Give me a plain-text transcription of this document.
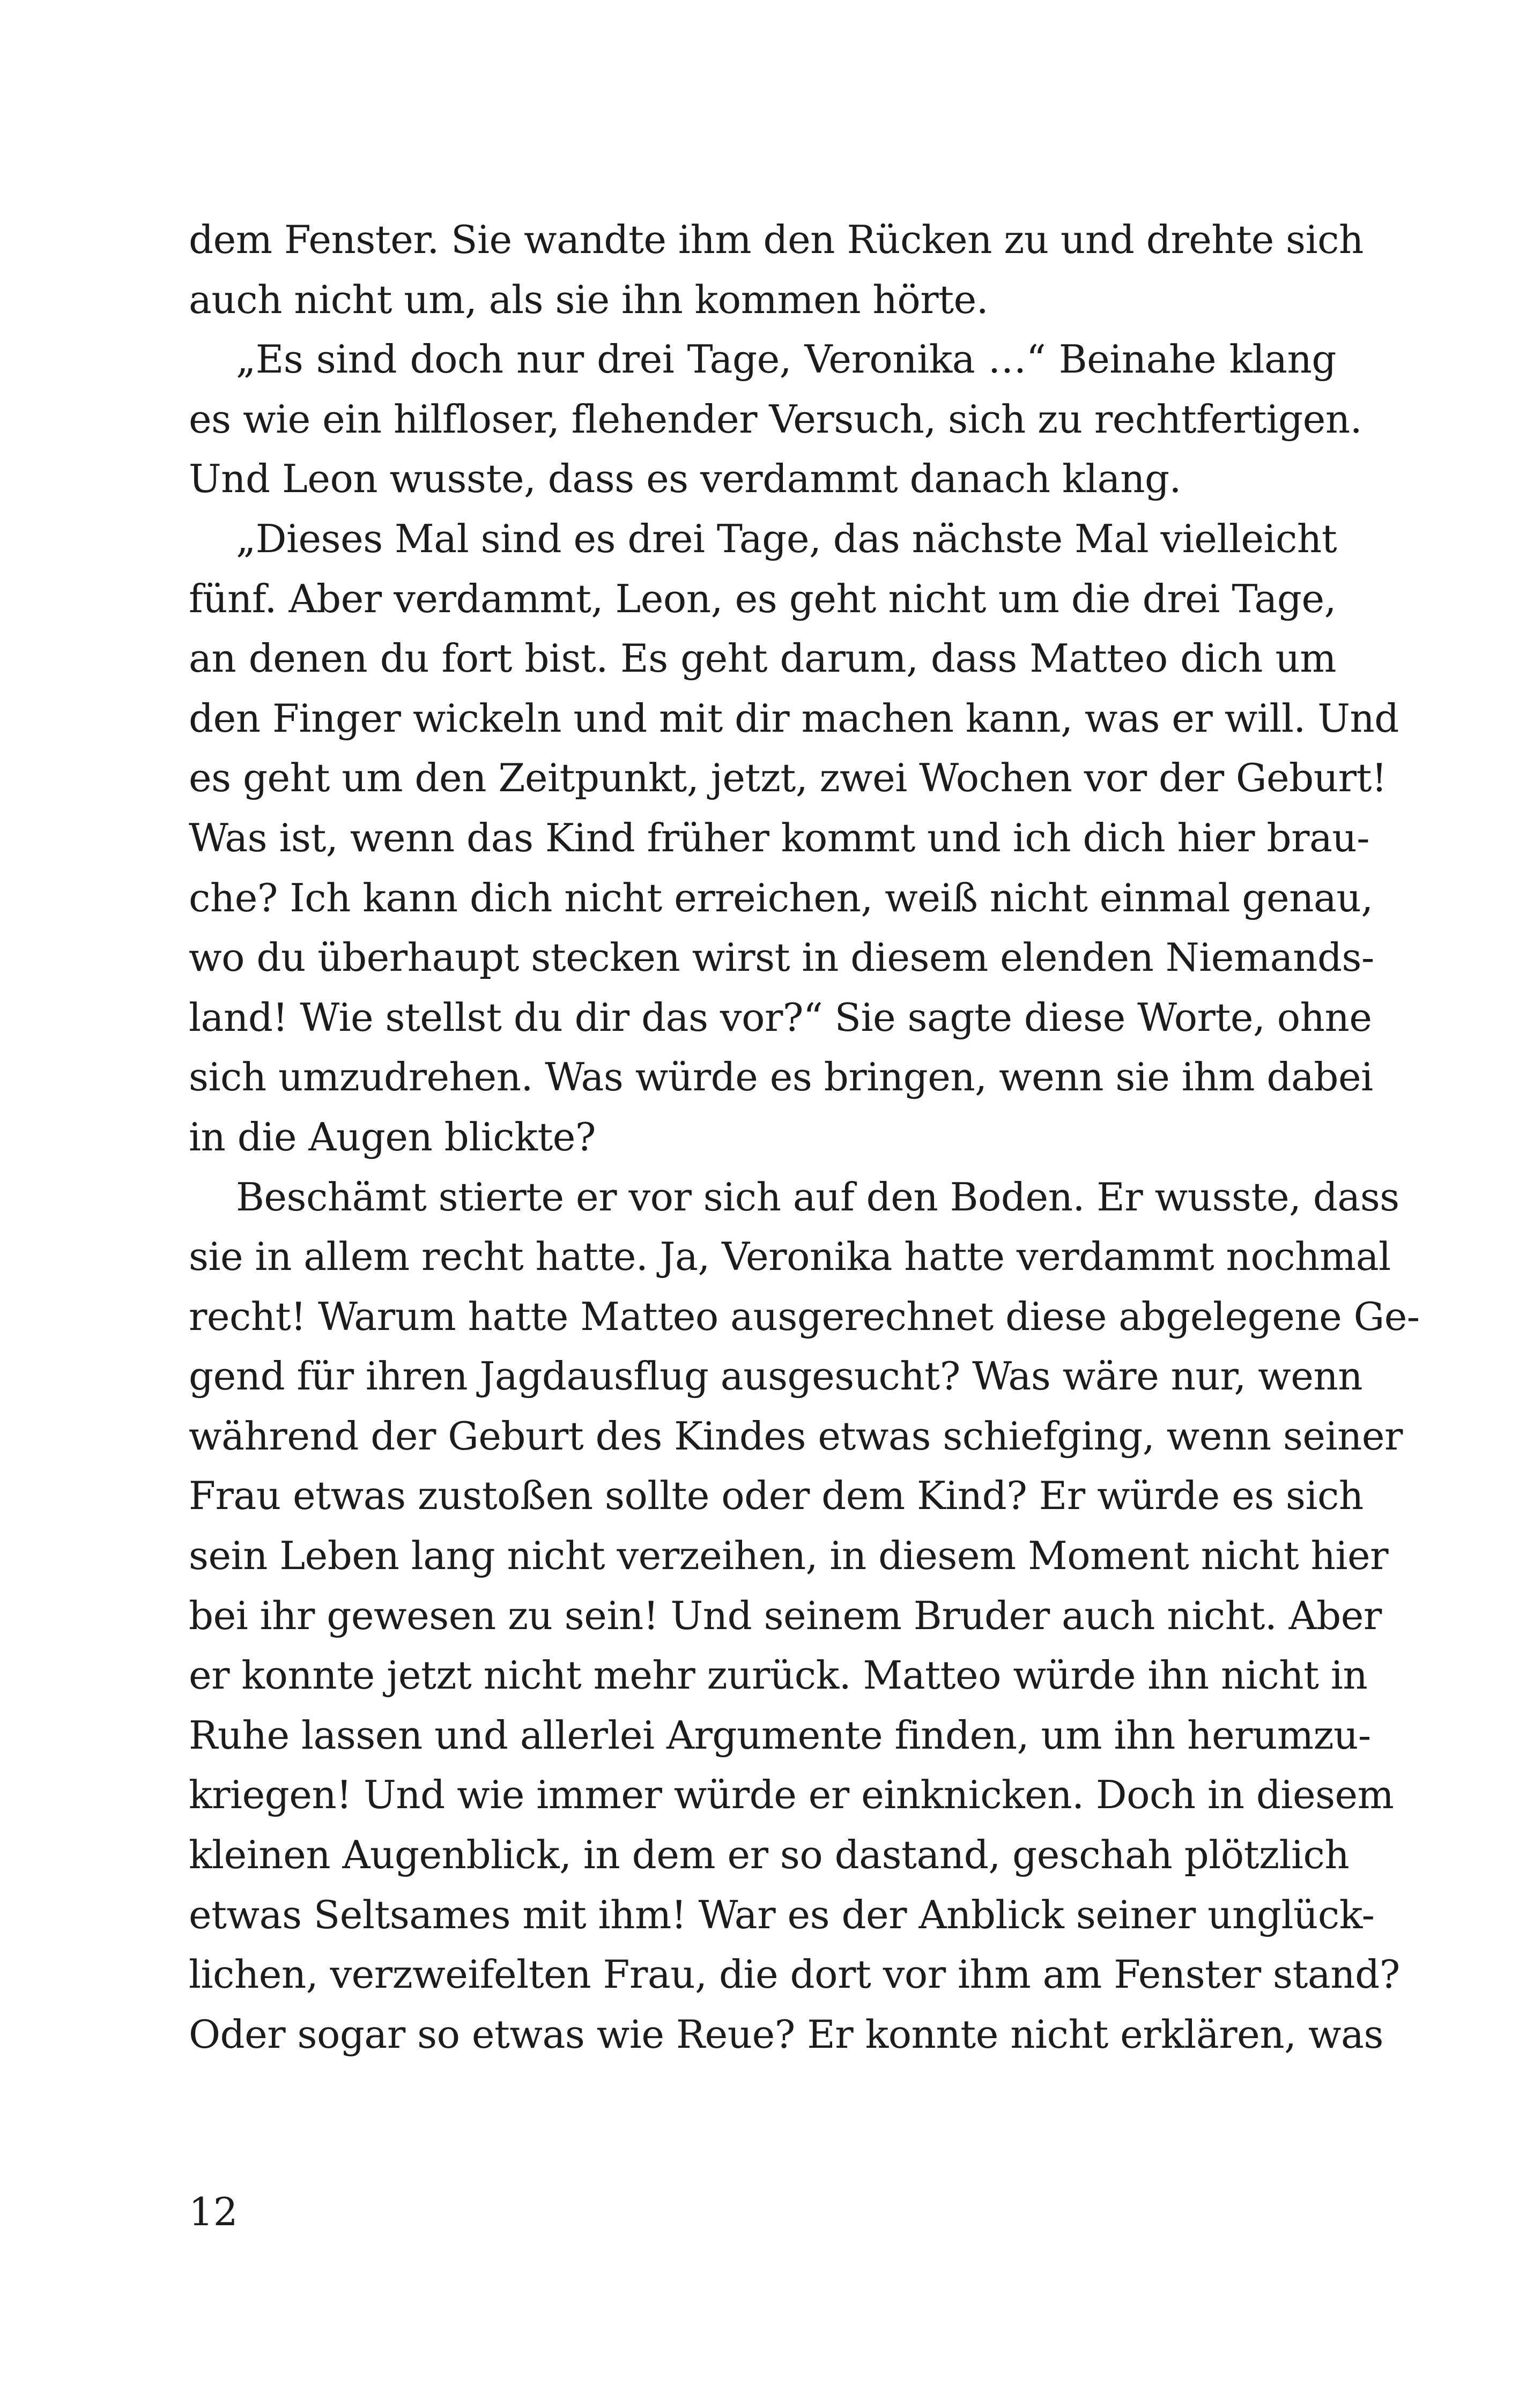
dem Fenster. Sie wandte ihm den Rücken zu und drehte sich
auch nicht um, als sie ihn kommen hörte.
„Es sind doch nur drei Tage, Veronika …“ Beinahe klang
es wie ein hilfloser, flehender Versuch, sich zu rechtfertigen.
Und Leon wusste, dass es verdammt danach klang.
„Dieses Mal sind es drei Tage, das nächste Mal vielleicht
fünf. Aber verdammt, Leon, es geht nicht um die drei Tage,
an denen du fort bist. Es geht darum, dass Matteo dich um
den Finger wickeln und mit dir machen kann, was er will. Und
es geht um den Zeitpunkt, jetzt, zwei Wochen vor der Geburt!
Was ist, wenn das Kind früher kommt und ich dich hier brau-
che? Ich kann dich nicht erreichen, weiß nicht einmal genau,
wo du überhaupt stecken wirst in diesem elenden Niemands-
land! Wie stellst du dir das vor?“ Sie sagte diese Worte, ohne
sich umzudrehen. Was würde es bringen, wenn sie ihm dabei
in die Augen blickte?
Beschämt stierte er vor sich auf den Boden. Er wusste, dass
sie in allem recht hatte. Ja, Veronika hatte verdammt nochmal
recht! Warum hatte Matteo ausgerechnet diese abgelegene Ge-
gend für ihren Jagdausflug ausgesucht? Was wäre nur, wenn
während der Geburt des Kindes etwas schiefging, wenn seiner
Frau etwas zustoßen sollte oder dem Kind? Er würde es sich
sein Leben lang nicht verzeihen, in diesem Moment nicht hier
bei ihr gewesen zu sein! Und seinem Bruder auch nicht. Aber
er konnte jetzt nicht mehr zurück. Matteo würde ihn nicht in
Ruhe lassen und allerlei Argumente finden, um ihn herumzu-
kriegen! Und wie immer würde er einknicken. Doch in diesem
kleinen Augenblick, in dem er so dastand, geschah plötzlich
etwas Seltsames mit ihm! War es der Anblick seiner unglück-
lichen, verzweifelten Frau, die dort vor ihm am Fenster stand?
Oder sogar so etwas wie Reue? Er konnte nicht erklären, was
12
